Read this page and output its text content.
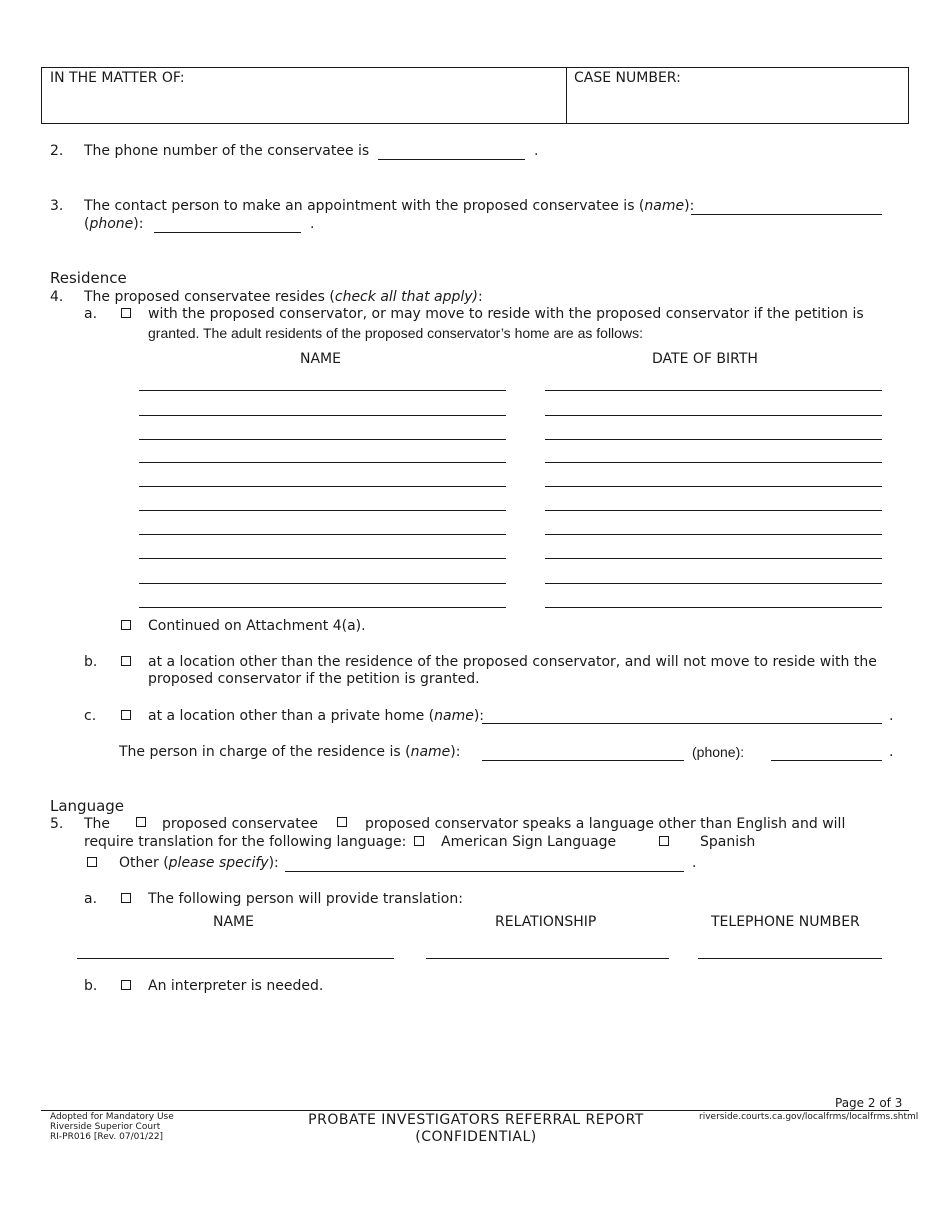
IN THE MATTER OF:	CASE NUMBER:
2. The phone number of the conservatee is	.
3. The contact person to make an appointment with the proposed conservatee is (name):
(phone):	.
Residence
4. The proposed conservatee resides (check all that apply):
a.	with the proposed conservator, or may move to reside with the proposed conservator if the petition is
granted. The adult residents of the proposed conservator’s home are as follows:
NAME	DATE OF BIRTH
Continued on Attachment 4(a).
b.	at a location other than the residence of the proposed conservator, and will not move to reside with the
proposed conservator if the petition is granted.
c.	at a location other than a private home (name):	.
The person in charge of the residence is (name):	(phone):	.
Language
5. The	proposed conservatee	proposed conservator speaks a language other than English and will
require translation for the following language: American Sign Language	Spanish
Other (please specify):	.
a.	The following person will provide translation:
NAME	RELATIONSHIP	TELEPHONE NUMBER
b.	An interpreter is needed.
Page 2 of 3
Adopted for Mandatory Use
Riverside Superior Court
RI-PR016 [Rev. 07/01/22]
PROBATE INVESTIGATORS REFERRAL REPORT
(CONFIDENTIAL)
riverside.courts.ca.gov/localfrms/localfrms.shtml
